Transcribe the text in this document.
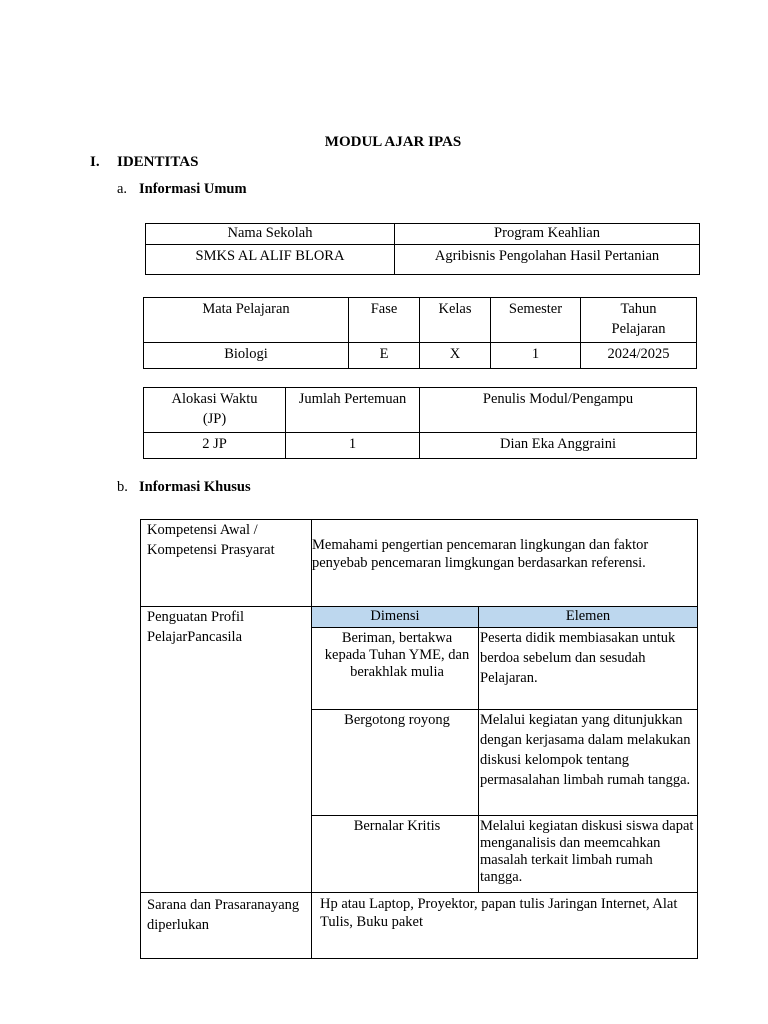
MODUL AJAR IPAS
I. IDENTITAS
a. Informasi Umum
Nama Sekolah	Program Keahlian
SMKS AL ALIF BLORA	Agribisnis Pengolahan Hasil Pertanian
Mata Pelajaran	Fase	Kelas	Semester	Tahun Pelajaran
Biologi	E	X	1	2024/2025
Alokasi Waktu (JP)	Jumlah Pertemuan	Penulis Modul/Pengampu
2 JP	1	Dian Eka Anggraini
b. Informasi Khusus
Kompetensi Awal / Kompetensi Prasyarat	Memahami pengertian pencemaran lingkungan dan faktor penyebab pencemaran limgkungan berdasarkan referensi.	
Penguatan Profil PelajarPancasila	Dimensi	Elemen
	Beriman, bertakwa kepada Tuhan YME, dan berakhlak mulia	Peserta didik membiasakan untuk berdoa sebelum dan sesudah Pelajaran.
	Bergotong royong	Melalui kegiatan yang ditunjukkan dengan kerjasama dalam melakukan diskusi kelompok tentang permasalahan limbah rumah tangga.
	Bernalar Kritis	Melalui kegiatan diskusi siswa dapat menganalisis dan meemcahkan masalah terkait limbah rumah tangga.
Sarana dan Prasaranayang diperlukan	Hp atau Laptop, Proyektor, papan tulis Jaringan Internet, Alat Tulis, Buku paket	
